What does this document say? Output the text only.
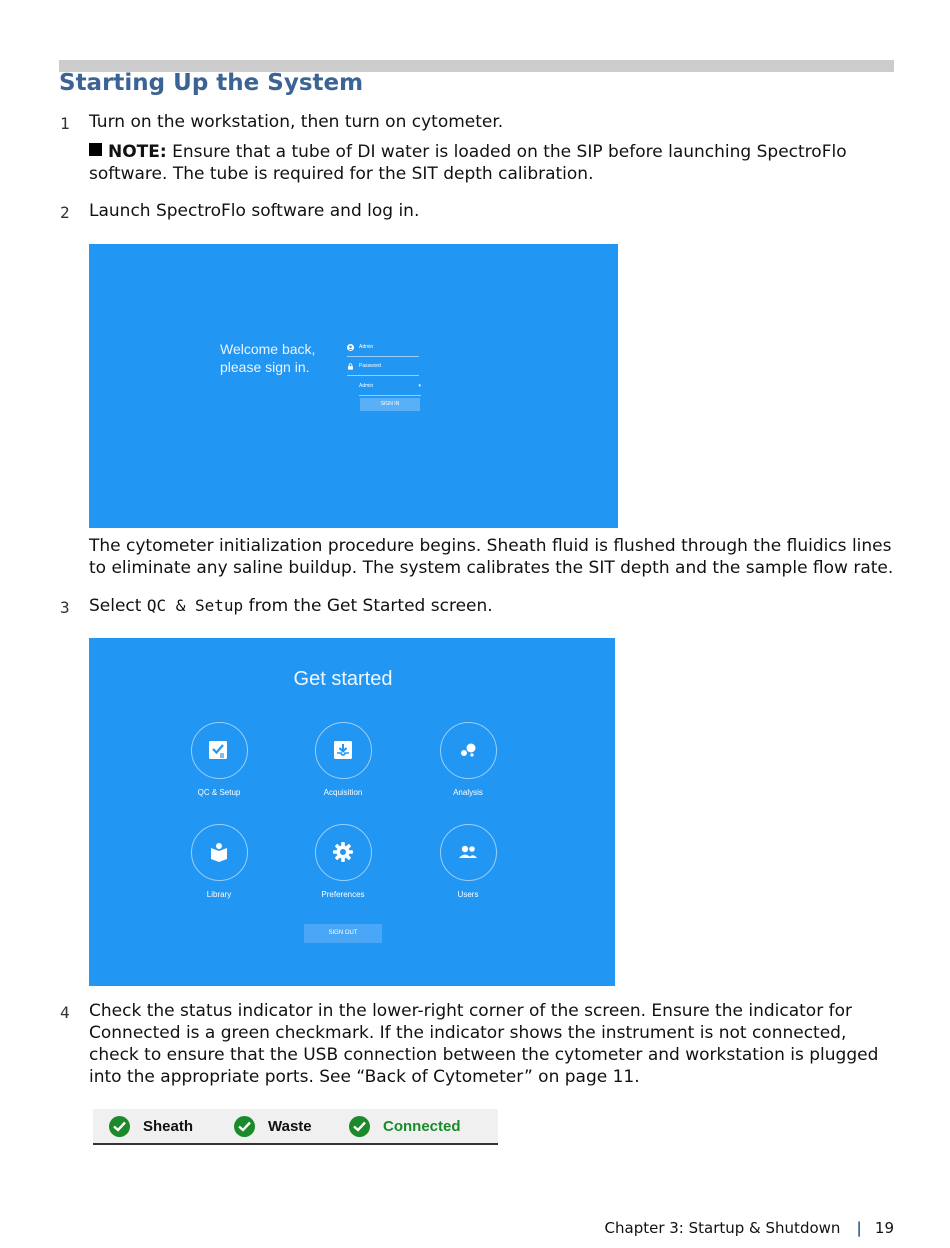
Starting Up the System
1 Turn on the workstation, then turn on cytometer.
NOTE: Ensure that a tube of DI water is loaded on the SIP before launching SpectroFlo software. The tube is required for the SIT depth calibration.
2 Launch SpectroFlo software and log in.
Welcome back,
please sign in.
Admin
Password
Admin	▾
SIGN IN
The cytometer initialization procedure begins. Sheath fluid is flushed through the fluidics lines to eliminate any saline buildup. The system calibrates the SIT depth and the sample flow rate.
3 Select QC & Setup from the Get Started screen.
Get started
QC & Setup	Acquisition	Analysis
Library	Preferences	Users
SIGN OUT
4 Check the status indicator in the lower-right corner of the screen. Ensure the indicator for Connected is a green checkmark. If the indicator shows the instrument is not connected, check to ensure that the USB connection between the cytometer and workstation is plugged into the appropriate ports. See “Back of Cytometer” on page 11.
Sheath	Waste	Connected
Chapter 3: Startup & Shutdown | 19
